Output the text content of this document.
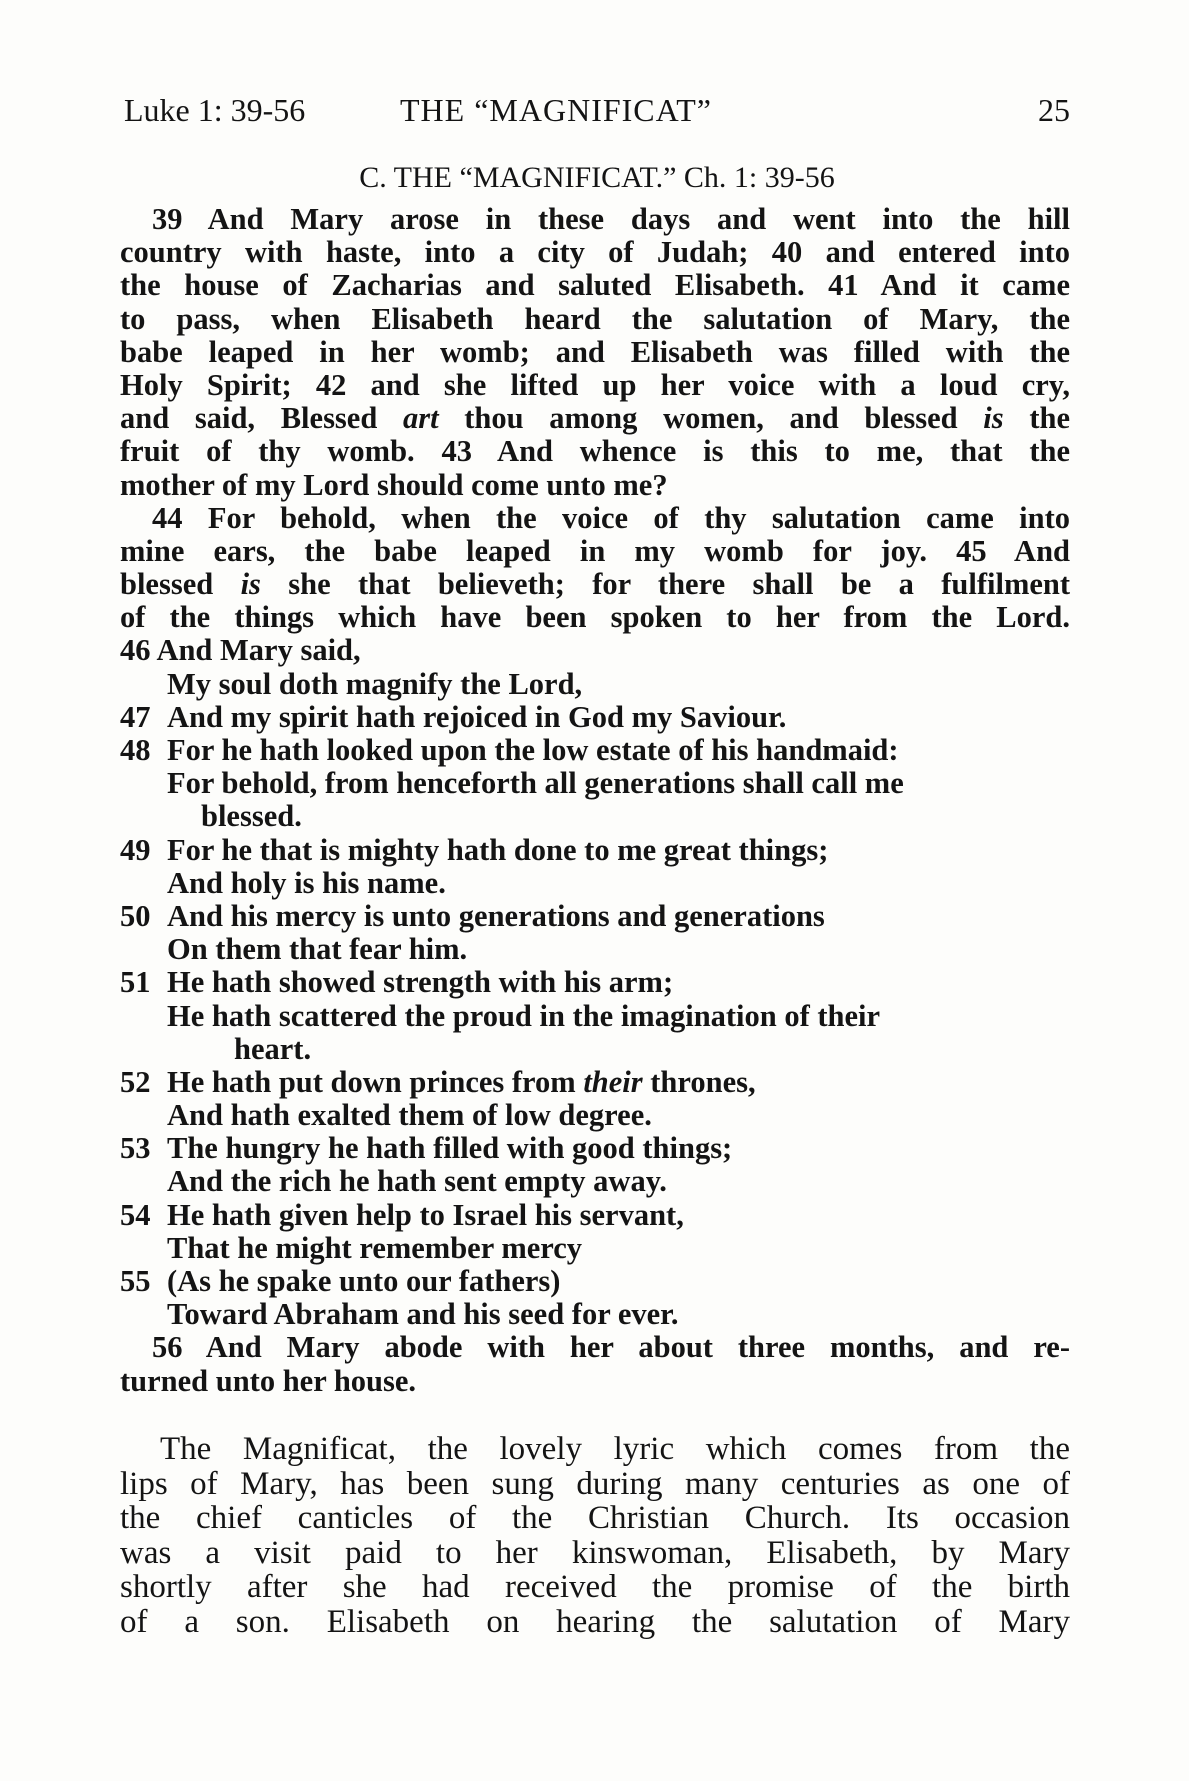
Luke 1: 39-56	THE “MAGNIFICAT”	25
C. THE “MAGNIFICAT.” Ch. 1: 39-56
39 And Mary arose in these days and went into the hill
country with haste, into a city of Judah; 40 and entered into
the house of Zacharias and saluted Elisabeth. 41 And it came
to pass, when Elisabeth heard the salutation of Mary, the
babe leaped in her womb; and Elisabeth was filled with the
Holy Spirit; 42 and she lifted up her voice with a loud cry,
and said, Blessed art thou among women, and blessed is the
fruit of thy womb. 43 And whence is this to me, that the
mother of my Lord should come unto me?
44 For behold, when the voice of thy salutation came into
mine ears, the babe leaped in my womb for joy. 45 And
blessed is she that believeth; for there shall be a fulfilment
of the things which have been spoken to her from the Lord.
46 And Mary said,
My soul doth magnify the Lord,
47 And my spirit hath rejoiced in God my Saviour.
48 For he hath looked upon the low estate of his handmaid:
For behold, from henceforth all generations shall call me
blessed.
49 For he that is mighty hath done to me great things;
And holy is his name.
50 And his mercy is unto generations and generations
On them that fear him.
51 He hath showed strength with his arm;
He hath scattered the proud in the imagination of their
heart.
52 He hath put down princes from their thrones,
And hath exalted them of low degree.
53 The hungry he hath filled with good things;
And the rich he hath sent empty away.
54 He hath given help to Israel his servant,
That he might remember mercy
55 (As he spake unto our fathers)
Toward Abraham and his seed for ever.
56 And Mary abode with her about three months, and re-
turned unto her house.
The Magnificat, the lovely lyric which comes from the
lips of Mary, has been sung during many centuries as one of
the chief canticles of the Christian Church. Its occasion
was a visit paid to her kinswoman, Elisabeth, by Mary
shortly after she had received the promise of the birth
of a son. Elisabeth on hearing the salutation of Mary
